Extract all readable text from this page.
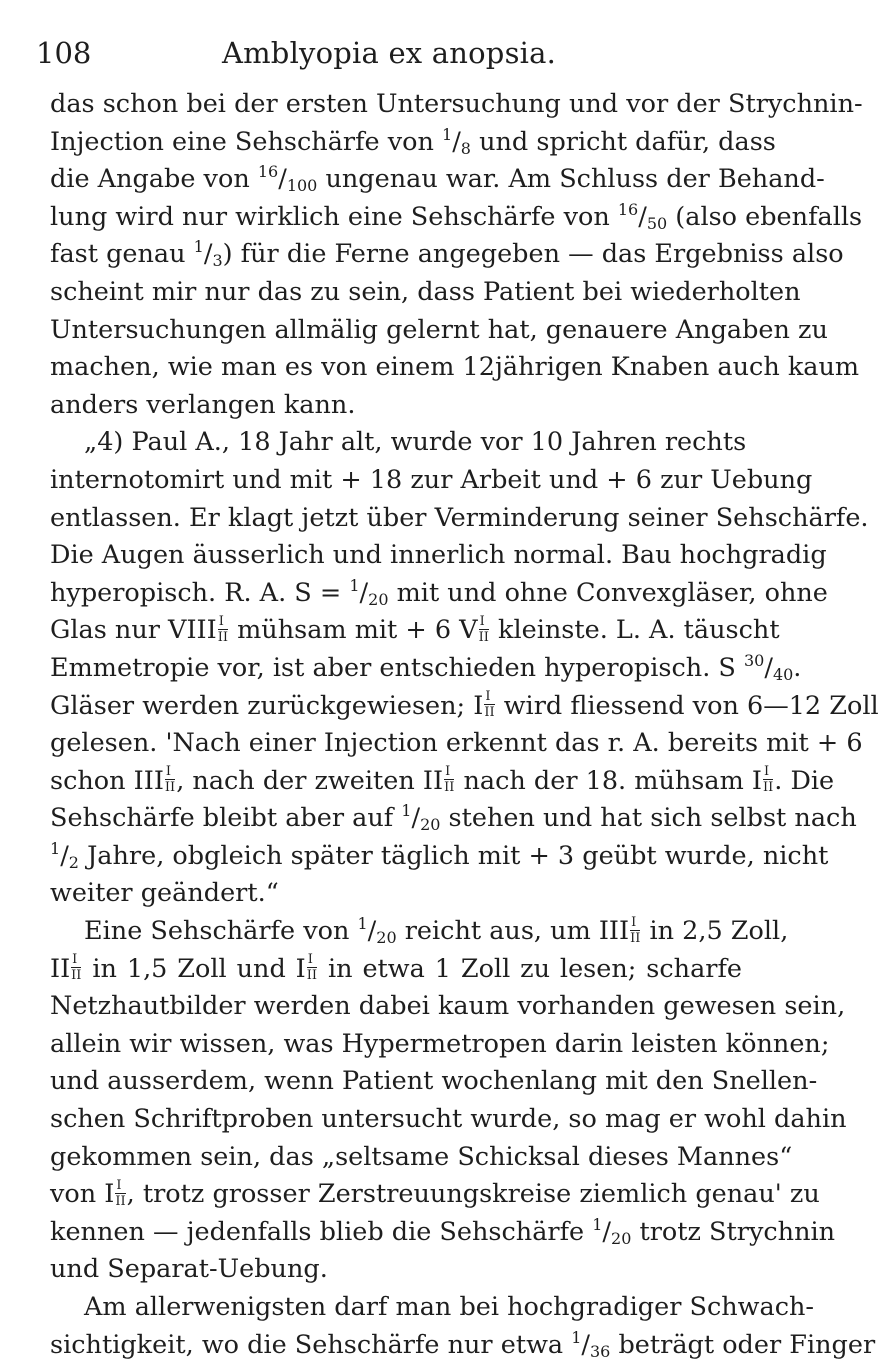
108	Amblyopia ex anopsia.
das schon bei der ersten Untersuchung und vor der Strychnin-
Injection eine Sehschärfe von $^1/_8$ und spricht dafür, dass
die Angabe von $^{16}/_{100}$ ungenau war. Am Schluss der Behand-
lung wird nur wirklich eine Sehschärfe von $^{16}/_{50}$ (also ebenfalls
fast genau $^1/_3$) für die Ferne angegeben — das Ergebniss also
scheint mir nur das zu sein, dass Patient bei wiederholten
Untersuchungen allmälig gelernt hat, genauere Angaben zu
machen, wie man es von einem 12jährigen Knaben auch kaum
anders verlangen kann.
„4) Paul A., 18 Jahr alt, wurde vor 10 Jahren rechts
internotomirt und mit + 18 zur Arbeit und + 6 zur Uebung
entlassen. Er klagt jetzt über Verminderung seiner Sehschärfe.
Die Augen äusserlich und innerlich normal. Bau hochgradig
hyperopisch. R. A. $S = ^1/_{20}$ mit und ohne Convexgläser, ohne
Glas nur VIII $\frac{I}{II}$ mühsam mit + 6 V $\frac{I}{II}$ kleinste. L. A. täuscht
Emmetropie vor, ist aber entschieden hyperopisch. S $^{30}/_{40}$.
Gläser werden zurückgewiesen; I $\frac{I}{II}$ wird fliessend von 6—12 Zoll
gelesen. 'Nach einer Injection erkennt das r. A. bereits mit + 6
schon III $\frac{I}{II}$ , nach der zweiten II $\frac{I}{II}$ nach der 18. mühsam I $\frac{I}{II}$ . Die
Sehschärfe bleibt aber auf $^1/_{20}$ stehen und hat sich selbst nach
$^1/_2$ Jahre, obgleich später täglich mit + 3 geübt wurde, nicht
weiter geändert.“
Eine Sehschärfe von $^1/_{20}$ reicht aus, um III $\frac{I}{II}$ in 2,5 Zoll,
II $\frac{I}{II}$ in 1,5 Zoll und I $\frac{I}{II}$ in etwa 1 Zoll zu lesen; scharfe
Netzhautbilder werden dabei kaum vorhanden gewesen sein,
allein wir wissen, was Hypermetropen darin leisten können;
und ausserdem, wenn Patient wochenlang mit den Snellen-
schen Schriftproben untersucht wurde, so mag er wohl dahin
gekommen sein, das „seltsame Schicksal dieses Mannes“
von I $\frac{I}{II}$ , trotz grosser Zerstreuungskreise ziemlich genau' zu
kennen — jedenfalls blieb die Sehschärfe $^1/_{20}$ trotz Strychnin
und Separat-Uebung.
Am allerwenigsten darf man bei hochgradiger Schwach-
sichtigkeit, wo die Sehschärfe nur etwa $^1/_{36}$ beträgt oder Finger
